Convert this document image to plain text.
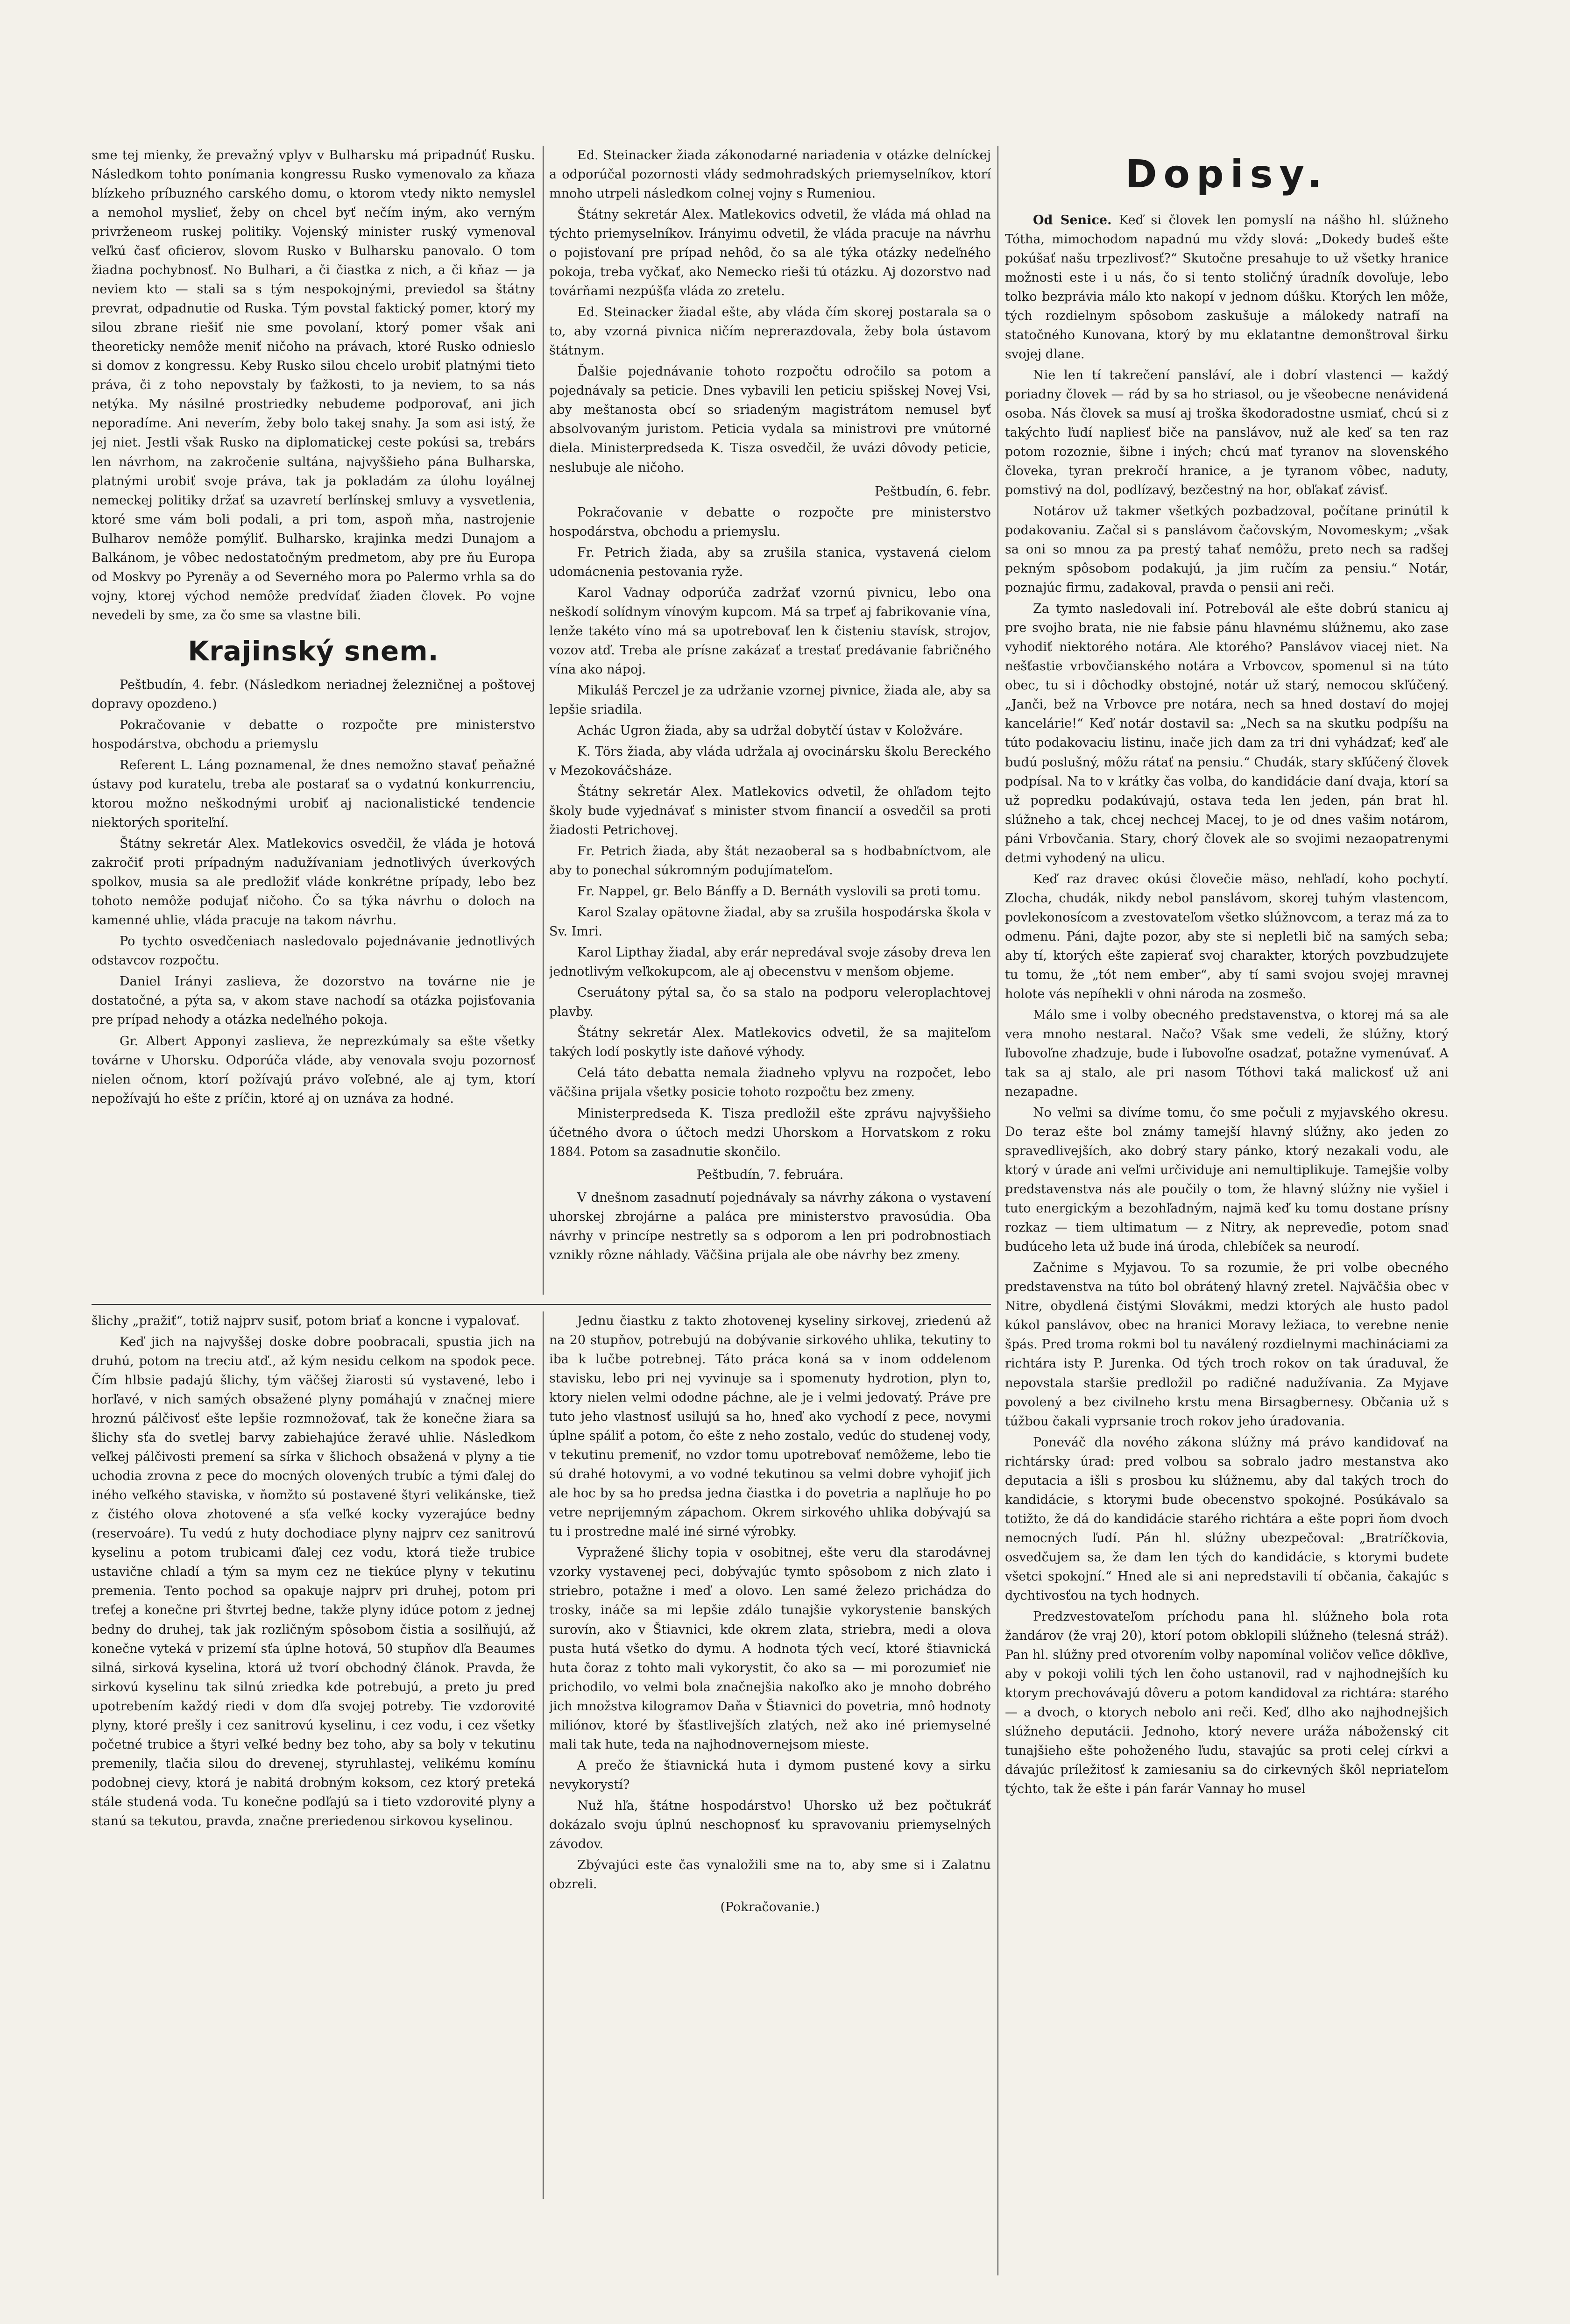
sme tej mienky, že prevažný vplyv v Bulharsku má pripadnúť Rusku. Následkom tohto ponímania kongressu Rusko vymenovalo za kňaza blízkeho príbuzného carského domu, o ktorom vtedy nikto nemyslel a nemohol myslieť, žeby on chcel byť nečím iným, ako verným privrženeom ruskej politiky. Vojenský minister ruský vymenoval veľkú časť oficierov, slovom Rusko v Bulharsku panovalo. O tom žiadna pochybnosť. No Bulhari, a či čiastka z nich, a či kňaz — ja neviem kto — stali sa s tým nespokojnými, previedol sa štátny prevrat, odpadnutie od Ruska. Tým povstal faktický pomer, ktorý my silou zbrane riešiť nie sme povolaní, ktorý pomer však ani theoreticky nemôže meniť ničoho na právach, ktoré Rusko odnieslo si domov z kongressu. Keby Rusko silou chcelo urobiť platnými tieto práva, či z toho nepovstaly by ťažkosti, to ja neviem, to sa nás netýka. My násilné prostriedky nebudeme podporovať, ani jich neporadíme. Ani neverím, žeby bolo takej snahy. Ja som asi istý, že jej niet. Jestli však Rusko na diplomatickej ceste pokúsi sa, trebárs len návrhom, na zakročenie sultána, najvyššieho pána Bulharska, platnými urobiť svoje práva, tak ja pokladám za úlohu loyálnej nemeckej politiky držať sa uzavretí berlínskej smluvy a vysvetlenia, ktoré sme vám boli podali, a pri tom, aspoň mňa, nastrojenie Bulharov nemôže pomýliť. Bulharsko, krajinka medzi Dunajom a Balkánom, je vôbec nedostatočným predmetom, aby pre ňu Europa od Moskvy po Pyrenäy a od Severného mora po Palermo vrhla sa do vojny, ktorej východ nemôže predvídať žiaden človek. Po vojne nevedeli by sme, za čo sme sa vlastne bili.

Krajinský snem.

Peštbudín, 4. febr. (Následkom neriadnej železničnej a poštovej dopravy opozdeno.)

Pokračovanie v debatte o rozpočte pre ministerstvo hospodárstva, obchodu a priemyslu

Referent L. Láng poznamenal, že dnes nemožno stavať peňažné ústavy pod kuratelu, treba ale postarať sa o vydatnú konkurrenciu, ktorou možno neškodnými urobiť aj nacionalistické tendencie niektorých sporiteľní.

Štátny sekretár Alex. Matlekovics osvedčil, že vláda je hotová zakročiť proti prípadným nadužívaniam jednotlivých úverkových spolkov, musia sa ale predložiť vláde konkrétne prípady, lebo bez tohoto nemôže podujať ničoho. Čo sa týka návrhu o doloch na kamenné uhlie, vláda pracuje na takom návrhu.

Po tychto osvedčeniach nasledovalo pojednávanie jednotlivých odstavcov rozpočtu.

Daniel Irányi zaslieva, že dozorstvo na továrne nie je dostatočné, a pýta sa, v akom stave nachodí sa otázka pojisťovania pre prípad nehody a otázka nedeľného pokoja.

Gr. Albert Apponyi zaslieva, že neprezkúmaly sa ešte všetky továrne v Uhorsku. Odporúča vláde, aby venovala svoju pozornosť nielen očnom, ktorí požívajú právo voľebné, ale aj tym, ktorí nepožívajú ho ešte z príčin, ktoré aj on uznáva za hodné.

Ed. Steinacker žiada zákonodarné nariadenia v otázke delníckej a odporúčal pozornosti vlády sedmohradských priemyselníkov, ktorí mnoho utrpeli následkom colnej vojny s Rumeniou.

Štátny sekretár Alex. Matlekovics odvetil, že vláda má ohlad na týchto priemyselníkov. Irányimu odvetil, že vláda pracuje na návrhu o pojisťovaní pre prípad nehôd, čo sa ale týka otázky nedeľného pokoja, treba vyčkať, ako Nemecko rieši tú otázku. Aj dozorstvo nad továrňami nezpúšťa vláda zo zretelu.

Ed. Steinacker žiadal ešte, aby vláda čím skorej postarala sa o to, aby vzorná pivnica ničím neprerazdovala, žeby bola ústavom štátnym.

Ďalšie pojednávanie tohoto rozpočtu odročilo sa potom a pojednávaly sa peticie. Dnes vybavili len peticiu spišskej Novej Vsi, aby meštanosta obcí so sriadeným magistrátom nemusel byť absolvovaným juristom. Peticia vydala sa ministrovi pre vnútorné diela. Ministerpredseda K. Tisza osvedčil, že uvázi dôvody peticie, neslubuje ale ničoho.

Peštbudín, 6. febr.

Pokračovanie v debatte o rozpočte pre ministerstvo hospodárstva, obchodu a priemyslu.

Fr. Petrich žiada, aby sa zrušila stanica, vystavená cielom udomácnenia pestovania ryže.

Karol Vadnay odporúča zadržať vzornú pivnicu, lebo ona neškodí solídnym vínovým kupcom. Má sa trpeť aj fabrikovanie vína, lenže takéto víno má sa upotrebovať len k čisteniu stavísk, strojov, vozov atď. Treba ale prísne zakázať a trestať predávanie fabričného vína ako nápoj.

Mikuláš Perczel je za udržanie vzornej pivnice, žiada ale, aby sa lepšie sriadila.

Achác Ugron žiada, aby sa udržal dobytčí ústav v Koložváre.

K. Törs žiada, aby vláda udržala aj ovocinársku školu Bereckého v Mezokováčsháze.

Štátny sekretár Alex. Matlekovics odvetil, že ohľadom tejto školy bude vyjednávať s minister stvom financií a osvedčil sa proti žiadosti Petrichovej.

Fr. Petrich žiada, aby štát nezaoberal sa s hodbabníctvom, ale aby to ponechal súkromným podujímateľom.

Fr. Nappel, gr. Belo Bánffy a D. Bernáth vyslovili sa proti tomu.

Karol Szalay opätovne žiadal, aby sa zrušila hospodárska škola v Sv. Imri.

Karol Lipthay žiadal, aby erár nepredával svoje zásoby dreva len jednotlivým veľkokupcom, ale aj obecenstvu v menšom objeme.

Cseruátony pýtal sa, čo sa stalo na podporu veleroplachtovej plavby.

Štátny sekretár Alex. Matlekovics odvetil, že sa majiteľom takých lodí poskytly iste daňové výhody.

Celá táto debatta nemala žiadneho vplyvu na rozpočet, lebo väčšina prijala všetky posicie tohoto rozpočtu bez zmeny.

Ministerpredseda K. Tisza predložil ešte zprávu najvyššieho účetného dvora o účtoch medzi Uhorskom a Horvatskom z roku 1884. Potom sa zasadnutie skončilo.

Peštbudín, 7. februára.

V dnešnom zasadnutí pojednávaly sa návrhy zákona o vystavení uhorskej zbrojárne a paláca pre ministerstvo pravosúdia. Oba návrhy v princípe nestretly sa s odporom a len pri podrobnostiach vznikly rôzne náhlady. Väčšina prijala ale obe návrhy bez zmeny.

Dopisy.

Od Senice. Keď si človek len pomyslí na nášho hl. slúžneho Tótha, mimochodom napadnú mu vždy slová: „Dokedy budeš ešte pokúšať našu trpezlivosť?“ Skutočne presahuje to už všetky hranice možnosti este i u nás, čo si tento stoličný úradník dovoľuje, lebo tolko bezprávia málo kto nakopí v jednom dúšku. Ktorých len môže, tých rozdielnym spôsobom zaskušuje a málokedy natrafí na statočného Kunovana, ktorý by mu eklatantne demonštroval širku svojej dlane.

Nie len tí takrečení pansláví, ale i dobrí vlastenci — každý poriadny človek — rád by sa ho striasol, ou je všeobecne nenávidená osoba. Nás človek sa musí aj troška škodoradostne usmiať, chcú si z takýchto ľudí napliesť biče na panslávov, nuž ale keď sa ten raz potom rozoznie, šibne i iných; chcú mať tyranov na slovenského človeka, tyran prekročí hranice, a je tyranom vôbec, naduty, pomstivý na dol, podlízavý, bezčestný na hor, obľakať závisť.

Notárov už takmer všetkých pozbadzoval, počítane prinútil k podakovaniu. Začal si s panslávom čačovským, Novomeskym; „však sa oni so mnou za pa prestý tahať nemôžu, preto nech sa radšej pekným spôsobom podakujú, ja jim ručím za pensiu.“ Notár, poznajúc firmu, zadakoval, pravda o pensii ani reči.

Za tymto nasledovali iní. Potrebovál ale ešte dobrú stanicu aj pre svojho brata, nie nie fabsie pánu hlavnému slúžnemu, ako zase vyhodiť niektorého notára. Ale ktorého? Panslávov viacej niet. Na nešťastie vrbovčianského notára a Vrbovcov, spomenul si na túto obec, tu si i dôchodky obstojné, notár už starý, nemocou skľúčený. „Janči, bež na Vrbovce pre notára, nech sa hned dostaví do mojej kancelárie!“ Keď notár dostavil sa: „Nech sa na skutku podpíšu na túto podakovaciu listinu, inače jich dam za tri dni vyhádzať; keď ale budú poslušný, môžu rátať na pensiu.“ Chudák, stary skľúčený človek podpísal. Na to v krátky čas volba, do kandidácie daní dvaja, ktorí sa už popredku podakúvajú, ostava teda len jeden, pán brat hl. slúžneho a tak, chcej nechcej Macej, to je od dnes vašim notárom, páni Vrbovčania. Stary, chorý človek ale so svojimi nezaopatrenymi detmi vyhodený na ulicu.

Keď raz dravec okúsi človečie mäso, nehľadí, koho pochytí. Zlocha, chudák, nikdy nebol panslávom, skorej tuhým vlastencom, povlekonosícom a zvestovateľom všetko slúžnovcom, a teraz má za to odmenu. Páni, dajte pozor, aby ste si nepletli bič na samých seba; aby tí, ktorých ešte zapierať svoj charakter, ktorých povzbudzujete tu tomu, že „tót nem ember“, aby tí sami svojou svojej mravnej holote vás nepíhekli v ohni národa na zosmešo.

Málo sme i volby obecného predstavenstva, o ktorej má sa ale vera mnoho nestaral. Načo? Však sme vedeli, že slúžny, ktorý ľubovoľne zhadzuje, bude i ľubovoľne osadzať, potažne vymenúvať. A tak sa aj stalo, ale pri nasom Tóthovi taká malickosť už ani nezapadne.

No veľmi sa divíme tomu, čo sme počuli z myjavského okresu. Do teraz ešte bol známy tamejší hlavný slúžny, ako jeden zo spravedlivejších, ako dobrý stary pánko, ktorý nezakali vodu, ale ktorý v úrade ani veľmi určividuje ani nemultiplikuje. Tamejšie volby predstavenstva nás ale poučily o tom, že hlavný slúžny nie vyšiel i tuto energickým a bezohľadným, najmä keď ku tomu dostane prísny rozkaz — tiem ultimatum — z Nitry, ak nepreveďie, potom snaď budúceho leta už bude iná úroda, chlebíček sa neurodí.

Začnime s Myjavou. To sa rozumie, že pri volbe obecného predstavenstva na túto bol obrátený hlavný zretel. Najväčšia obec v Nitre, obydlená čistými Slovákmi, medzi ktorých ale husto padol kúkol panslávov, obec na hranici Moravy ležiaca, to verebne nenie špás. Pred troma rokmi bol tu naválený rozdielnymi machináciami za richtára isty P. Jurenka. Od tých troch rokov on tak úraduval, že nepovstala staršie predložil po radičné nadužívania. Za Myjave povolený a bez civilneho krstu mena Birsagbernesy. Občania už s túžbou čakali vyprsanie troch rokov jeho úradovania.

Poneváč dla nového zákona slúžny má právo kandidovať na richtársky úrad: pred volbou sa sobralo jadro mestanstva ako deputacia a išli s prosbou ku slúžnemu, aby dal takých troch do kandidácie, s ktorymi bude obecenstvo spokojné. Posúkávalo sa totižto, že dá do kandidácie starého richtára a ešte popri ňom dvoch nemocných ľudí. Pán hl. slúžny ubezpečoval: „Bratríčkovia, osvedčujem sa, že dam len tých do kandidácie, s ktorymi budete všetci spokojní.“ Hned ale si ani nepredstavili tí občania, čakajúc s dychtivosťou na tych hodnych.

Predzvestovateľom príchodu pana hl. slúžneho bola rota žandárov (že vraj 20), ktorí potom obklopili slúžneho (telesná stráž). Pan hl. slúžny pred otvorením volby napomínal voličov veľice dôkľive, aby v pokoji volili tých len čoho ustanovil, rad v najhodnejších ku ktorym prechovávajú dôveru a potom kandidoval za richtára: starého — a dvoch, o ktorych nebolo ani reči. Keď, dlho ako najhodnejšich slúžneho deputácii. Jednoho, ktorý nevere uráža náboženský cit tunajšieho ešte pohoženého ľudu, stavajúc sa proti celej církvi a dávajúc príležitosť k zamiesaniu sa do cirkevných škôl nepriateľom týchto, tak že ešte i pán farár Vannay ho musel

šlichy „pražiť“, totiž najprv susiť, potom briať a koncne i vypalovať.

Keď jich na najvyššej doske dobre poobracali, spustia jich na druhú, potom na treciu atď., až kým nesidu celkom na spodok pece. Čím hlbsie padajú šlichy, tým väčšej žiarosti sú vystavené, lebo i horľavé, v nich samých obsažené plyny pomáhajú v značnej miere hroznú pálčivosť ešte lepšie rozmnožovať, tak že konečne žiara sa šlichy sťa do svetlej barvy zabiehajúce žeravé uhlie. Následkom veľkej pálčivosti premení sa sírka v šlichoch obsažená v plyny a tie uchodia zrovna z pece do mocných olovených trubíc a tými ďalej do iného veľkého staviska, v ňomžto sú postavené štyri velikánske, tiež z čistého olova zhotovené a sťa veľké kocky vyzerajúce bedny (reservoáre). Tu vedú z huty dochodiace plyny najprv cez sanitrovú kyselinu a potom trubicami ďalej cez vodu, ktorá tieže trubice ustavične chladí a tým sa mym cez ne tiekúce plyny v tekutinu premenia. Tento pochod sa opakuje najprv pri druhej, potom pri treťej a konečne pri štvrtej bedne, takže plyny idúce potom z jednej bedny do druhej, tak jak rozličným spôsobom čistia a sosilňujú, až konečne vyteká v prizemí sťa úplne hotová, 50 stupňov dľa Beaumes silná, sirková kyselina, ktorá už tvorí obchodný článok. Pravda, že sirkovú kyselinu tak silnú zriedka kde potrebujú, a preto ju pred upotrebením každý riedi v dom dľa svojej potreby. Tie vzdorovité plyny, ktoré prešly i cez sanitrovú kyselinu, i cez vodu, i cez všetky početné trubice a štyri veľké bedny bez toho, aby sa boly v tekutinu premenily, tlačia silou do drevenej, styruhlastej, velikému komínu podobnej cievy, ktorá je nabitá drobným koksom, cez ktorý preteká stále studená voda. Tu konečne podľajú sa i tieto vzdorovité plyny a stanú sa tekutou, pravda, značne preriedenou sirkovou kyselinou.

Jednu čiastku z takto zhotovenej kyseliny sirkovej, zriedenú až na 20 stupňov, potrebujú na dobývanie sirkového uhlika, tekutiny to iba k lučbe potrebnej. Táto práca koná sa v inom oddelenom stavisku, lebo pri nej vyvinuje sa i spomenuty hydrotion, plyn to, ktory nielen velmi ododne páchne, ale je i velmi jedovatý. Práve pre tuto jeho vlastnosť usilujú sa ho, hneď ako vychodí z pece, novymi úplne spáliť a potom, čo ešte z neho zostalo, vedúc do studenej vody, v tekutinu premeniť, no vzdor tomu upotrebovať nemôžeme, lebo tie sú drahé hotovymi, a vo vodné tekutinou sa velmi dobre vyhojiť jich ale hoc by sa ho predsa jedna čiastka i do povetria a naplňuje ho po vetre neprijemným zápachom. Okrem sirkového uhlika dobývajú sa tu i prostredne malé iné sirné výrobky.

Vypražené šlichy topia v osobitnej, ešte veru dla starodávnej vzorky vystavenej peci, dobývajúc tymto spôsobom z nich zlato i striebro, potažne i meď a olovo. Len samé železo prichádza do trosky, ináče sa mi lepšie zdálo tunajšie vykorystenie banských surovín, ako v Štiavnici, kde okrem zlata, striebra, medi a olova pusta hutá všetko do dymu. A hodnota tých vecí, ktoré štiavnická huta čoraz z tohto mali vykorystit, čo ako sa — mi porozumieť nie prichodilo, vo velmi bola značnejšia nakoľko ako je mnoho dobrého jich množstva kilogramov Daňa v Štiavnici do povetria, mnô hodnoty miliónov, ktoré by šťastlivejších zlatých, než ako iné priemyselné mali tak hute, teda na najhodnovernejsom mieste.

A prečo že štiavnická huta i dymom pustené kovy a sirku nevykorystí?

Nuž hľa, štátne hospodárstvo! Uhorsko už bez počtukráť dokázalo svoju úplnú neschopnosť ku spravovaniu priemyselných závodov.

Zbývajúci este čas vynaložili sme na to, aby sme si i Zalatnu obzreli.

(Pokračovanie.)
